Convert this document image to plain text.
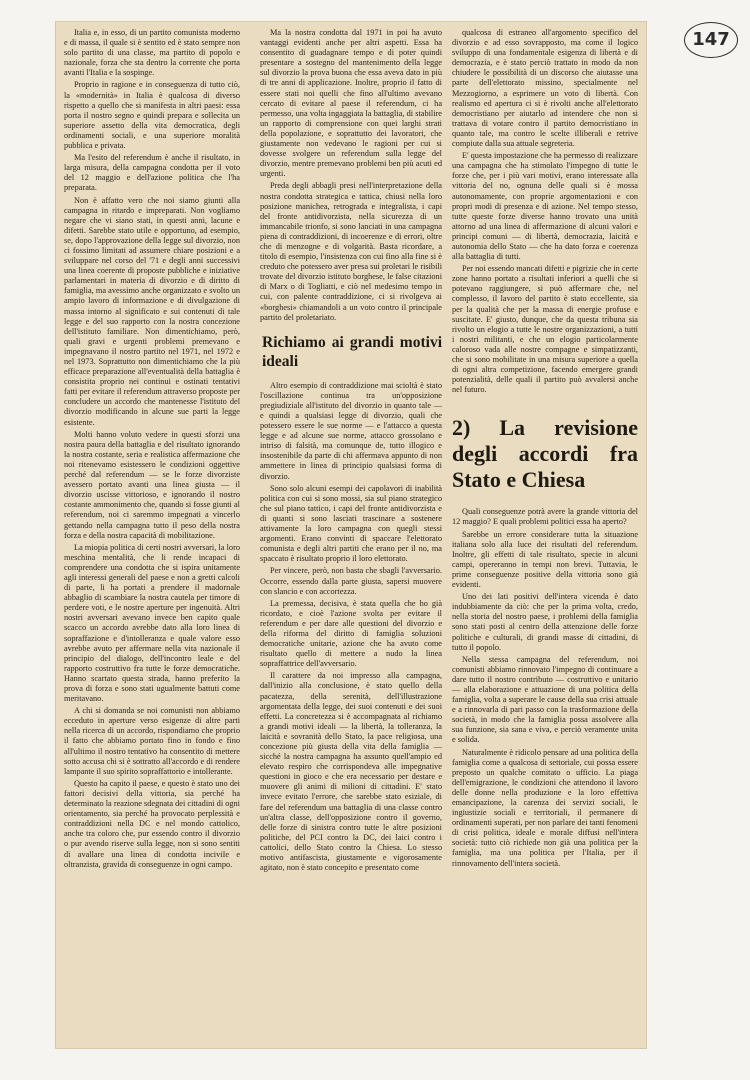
Italia e, in esso, di un partito comunista moderno e di massa, il quale si è sentito ed è stato sempre non solo partito di una classe, ma partito di popolo e nazionale, forza che sta dentro la corrente che porta avanti l'Italia e la sospinge.

Proprio in ragione e in conseguenza di tutto ciò, la «modernità» in Italia è qualcosa di diverso rispetto a quello che si manifesta in altri paesi: essa porta il nostro segno e quindi prepara e sollecita un superiore assetto della vita democratica, degli ordinamenti sociali, e una superiore moralità pubblica e privata.

Ma l'esito del referendum è anche il risultato, in larga misura, della campagna condotta per il voto del 12 maggio e dell'azione politica che l'ha preparata.

Non è affatto vero che noi siamo giunti alla campagna in ritardo e impreparati. Non vogliamo negare che vi siano stati, in questi anni, lacune e difetti. Sarebbe stato utile e opportuno, ad esempio, se, dopo l'approvazione della legge sul divorzio, non ci fossimo limitati ad assumere chiare posizioni e a sviluppare nel corso del '71 e degli anni successivi una linea coerente di proposte pubbliche e iniziative parlamentari in materia di divorzio e di diritto di famiglia, ma avessimo anche organizzato e svolto un ampio lavoro di informazione e di divulgazione di massa intorno al significato e sui contenuti di tale legge e del suo rapporto con la nostra concezione dell'istituto familiare. Non dimentichiamo, però, quali gravi e urgenti problemi premevano e impegnavano il nostro partito nel 1971, nel 1972 e nel 1973. Soprattutto non dimentichiamo che la più efficace preparazione all'eventualità della battaglia è consistita proprio nei continui e ostinati tentativi fatti per evitare il referendum attraverso proposte per concludere un accordo che mantenesse l'istituto del divorzio modificando in alcune sue parti la legge esistente.

Molti hanno voluto vedere in questi sforzi una nostra paura della battaglia e del risultato ignorando la nostra costante, seria e realistica affermazione che noi ritenevamo esistessero le condizioni oggettive perché dal referendum — se le forze divorziste avessero portato avanti una linea giusta — il divorzio uscisse vittorioso, e ignorando il nostro costante ammonimento che, quando si fosse giunti al referendum, noi ci saremmo impegnati a vincerlo gettando nella campagna tutto il peso della nostra forza e della nostra capacità di mobilitazione.

La miopia politica di certi nostri avversari, la loro meschina mentalità, che li rende incapaci di comprendere una condotta che si ispira unitamente agli interessi generali del paese e non a gretti calcoli di parte, li ha portati a prendere il madornale abbaglio di scambiare la nostra cautela per timore di perdere voti, e le nostre aperture per ingenuità. Altri nostri avversari avevano invece ben capito quale scacco un accordo avrebbe dato alla loro linea di sopraffazione e d'intolleranza e quale valore esso avrebbe avuto per affermare nella vita nazionale il principio del dialogo, dell'incontro leale e del rapporto costruttivo fra tutte le forze democratiche. Hanno scartato questa strada, hanno preferito la prova di forza e sono stati ugualmente battuti come meritavano.

A chi si domanda se noi comunisti non abbiamo ecceduto in aperture verso esigenze di altre parti nella ricerca di un accordo, rispondiamo che proprio il fatto che abbiamo portato fino in fondo e fino all'ultimo il nostro tentativo ha consentito di mettere sotto accusa chi si è sottratto all'accordo e di rendere lampante il suo spirito sopraffattorio e intollerante.

Questo ha capito il paese, e questo è stato uno dei fattori decisivi della vittoria, sia perché ha determinato la reazione sdegnata dei cittadini di ogni orientamento, sia perché ha provocato perplessità e contraddizioni nella DC e nel mondo cattolico, anche tra coloro che, pur essendo contro il divorzio o pur avendo riserve sulla legge, non si sono sentiti di avallare una linea di condotta inciviIe e oltranzista, gravida di conseguenze in ogni campo.

Ma la nostra condotta dal 1971 in poi ha avuto vantaggi evidenti anche per altri aspetti. Essa ha consentito di guadagnare tempo e di poter quindi presentare a sostegno del mantenimento della legge sul divorzio la prova buona che essa aveva dato in più di tre anni di applicazione. Inoltre, proprio il fatto di essere stati noi quelli che fino all'ultimo avevano cercato di evitare al paese il referendum, ci ha permesso, una volta ingaggiata la battaglia, di stabilire un rapporto di comprensione con quei larghi strati della popolazione, e soprattutto dei lavoratori, che giustamente non vedevano le ragioni per cui si dovesse svolgere un referendum sulla legge del divorzio, mentre premevano problemi ben più acuti ed urgenti.

Preda degli abbagli presi nell'interpretazione della nostra condotta strategica e tattica, chiusi nella loro posizione manichea, retrograda e integralista, i capi del fronte antidivorzista, nella sicurezza di un immancabile trionfo, si sono lanciati in una campagna piena di contraddizioni, di incoerenze e di errori, oltre che di menzogne e di volgarità. Basta ricordare, a titolo di esempio, l'insistenza con cui fino alla fine si è creduto che potessero aver presa sui proletari le risibili trovate del divorzio istituto borghese, le false citazioni di Marx o di Togliatti, e ciò nel medesimo tempo in cui, con palente contraddizione, ci si rivolgeva ai «borghesi» chiamandoli a un voto contro il principale partito del proletariato.

Richiamo ai grandi motivi ideali

Altro esempio di contraddizione mai scioltà è stato l'oscillazione continua tra un'opposizione pregiudiziale all'istituto del divorzio in quanto tale — e quindi a qualsiasi legge di divorzio, quali che potessero essere le sue norme — e l'attacco a questa legge e ad alcune sue norme, attacco grossolano e intriso di falsità, ma comunque de, tutto illogico e insostenibile da parte di chi affermava appunto di non ammettere in linea di principio qualsiasi forma di divorzio.

Sono solo alcuni esempi dei capolavori di inabilità politica con cui si sono mossi, sia sul piano strategico che sul piano tattico, i capi del fronte antidivorzista e di quanti si sono lasciati trascinare a sostenere attivamente la loro campagna con quegli stessi argomenti. Erano convinti di spaccare l'elettorato comunista e degli altri partiti che erano per il no, ma spaccato è risultato proprio il loro elettorato.

Per vincere, però, non basta che sbagli l'avversario. Occorre, essendo dalla parte giusta, sapersi muovere con slancio e con accortezza.

La premessa, decisiva, è stata quella che ho già ricordato, e cioè l'azione svolta per evitare il referendum e per dare alle questioni del divorzio e della riforma del diritto di famiglia soluzioni democratiche unitarie, azione che ha avuto come risultato quello di mettere a nudo la linea sopraffattrice dell'avversario.

Il carattere da noi impresso alla campagna, dall'inizio alla conclusione, è stato quello della pacatezza, della serenità, dell'illustrazione argomentata della legge, dei suoi contenuti e dei suoi effetti. La concretezza si è accompagnata al richiamo a grandi motivi ideali — la libertà, la tolleranza, la laicità e sovranità dello Stato, la pace religiosa, una concezione più giusta della vita della famiglia — sicché la nostra campagna ha assunto quell'ampio ed elevato respiro che corrispondeva alle impegnative questioni in gioco e che era necessario per destare e muovere gli animi di milioni di cittadini. E' stato invece evitato l'errore, che sarebbe stato esiziale, di fare del referendum una battaglia di una classe contro un'altra classe, dell'opposizione contro il governo, delle forze di sinistra contro tutte le altre posizioni politiche, del PCI contro la DC, dei laici contro i cattolici, dello Stato contro la Chiesa. Lo stesso motivo antifascista, giustamente e vigorosamente agitato, non è stato concepito e presentato come

qualcosa di estraneo all'argomento specifico del divorzio e ad esso sovrapposto, ma come il logico sviluppo di una fondamentale esigenza di libertà e di democrazia, e è stato perciò trattato in modo da non chiudere le possibilità di un discorso che aiutasse una parte dell'elettorato missino, specialmente nel Mezzogiorno, a esprimere un voto di libertà. Con realismo ed apertura ci si è rivolti anche all'elettorato democristiano per aiutarlo ad intendere che non si trattava di votare contro il partito democristiano in quanto tale, ma contro le scelte illiberali e retrive compiute dalla sua attuale segreteria.

E' questa impostazione che ha permesso di realizzare una campagna che ha stimolato l'impegno di tutte le forze che, per i più vari motivi, erano interessate alla vittoria del no, ognuna delle quali si è mossa autonomamente, con proprie argomentazioni e con propri modi di presenza e di azione. Nel tempo stesso, tutte queste forze diverse hanno trovato una unità attorno ad una linea di affermazione di alcuni valori e principi comuni — di libertà, democrazia, laicità e autonomia dello Stato — che ha dato forza e coerenza alla battaglia di tutti.

Per noi essendo mancati difetti e pigrizie che in certe zone hanno portato a risultati inferiori a quelli che si potevano raggiungere, si può affermare che, nel complesso, il lavoro del partito è stato eccellente, sia per la qualità che per la massa di energie profuse e suscitate. E' giusto, dunque, che da questa tribuna sia rivolto un elogio a tutte le nostre organizzazioni, a tutti i nostri militanti, e che un elogio particolarmente caloroso vada alle nostre compagne e simpatizzanti, che si sono mobilitate in una misura superiore a quella di ogni altra competizione, facendo emergere grandi potenzialità, delle quali il partito può avvalersi anche nel futuro.

2) La revisione degli accordi fra Stato e Chiesa

Quali conseguenze potrà avere la grande vittoria del 12 maggio? E quali problemi politici essa ha aperto?

Sarebbe un errore considerare tutta la situazione italiana solo alla luce dei risultati del referendum. Inoltre, gli effetti di tale risultato, specie in alcuni campi, opereranno in tempi non brevi. Tuttavia, le prime conseguenze positive della vittoria sono già evidenti.

Uno dei lati positivi dell'intera vicenda è dato indubbiamente da ciò: che per la prima volta, credo, nella storia del nostro paese, i problemi della famiglia sono stati posti al centro della attenzione delle forze politiche e culturali, di grandi masse di cittadini, di tutto il popolo.

Nella stessa campagna del referendum, noi comunisti abbiamo rinnovato l'impegno di continuare a dare tutto il nostro contributo — costruttivo e unitario — alla elaborazione e attuazione di una politica della famiglia, volta a superare le cause della sua crisi attuale e a rinnovarla di pari passo con la trasformazione della società, in modo che la famiglia possa assolvere alla sua funzione, sia sana e viva, e perciò veramente unita e solida.

Naturalmente è ridicolo pensare ad una politica della famiglia come a qualcosa di settoriale, cui possa essere preposto un qualche comitato o ufficio. La piaga dell'emigrazione, le condizioni che attendono il lavoro delle donne nella produzione e la loro effettiva emancipazione, la carenza dei servizi sociali, le ingiustizie sociali e territoriali, il permanere di ordinamenti superati, per non parlare dei tanti fenomeni di crisi politica, ideale e morale diffusi nell'intera società: tutto ciò richiede non già una politica per la famiglia, ma una politica per l'Italia, per il rinnovamento dell'intera società.

147
